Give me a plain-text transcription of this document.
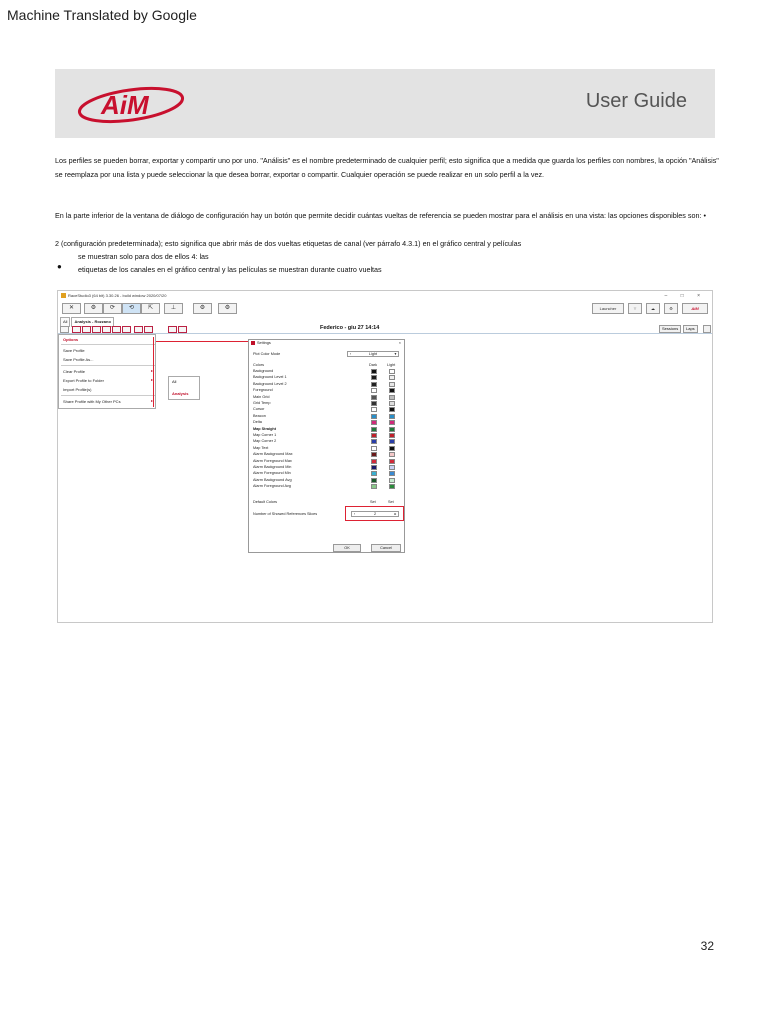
Machine Translated by Google
AiM	User Guide
Los perfiles se pueden borrar, exportar y compartir uno por uno. "Análisis" es el nombre predeterminado de cualquier perfil; esto significa que a medida que guarda los perfiles con nombres, la opción "Análisis" se reemplaza por una lista y puede seleccionar la que desea borrar, exportar o compartir. Cualquier operación se puede realizar en un solo perfil a la vez.
En la parte inferior de la ventana de diálogo de configuración hay un botón que permite decidir cuántas vueltas de referencia se pueden mostrar para el análisis en una vista: las opciones disponibles son: •
2 (configuración predeterminada); esto significa que abrir más de dos vueltas etiquetas de canal (ver párrafo 4.3.1) en el gráfico central y películas
se muestran solo para dos de ellos 4: las
● etiquetas de los canales en el gráfico central y las películas se muestran durante cuatro vueltas
RaceStudio3 (64 bit) 3.30.26 - build window 2020/07/20	– □ ×
✕	⚙	⟳	⟲	⇱	⊥	⚙	⚙	Launcher	⌔	☁	⚙	AiM
All Analysis - Rozzano
Federico - giu 27 14:14	Sessions	Laps
Options
Save Profile
Save Profile As...
Clear Profile
Export Profile to Folder
Import Profile(s)
Share Profile with My Other PCs
▸
▸
▸
All
Analysis
Settings	×
Plot Color Mode	‹	Light	▾
Colors	Dark	Light
Background
Background Level 1
Background Level 2
Foreground
Main Grid
Grid Temp
Cursor
Beacon
Delta
Map Straight
Map Corner 1
Map Corner 2
Map Text
Alarm Background Max
Alarm Foreground Max
Alarm Background Min
Alarm Foreground Min
Alarm Background Avg
Alarm Foreground Avg
Default Colors	Set	Set
Number of Showed References Slices	‹	2	▸
OK	Cancel
32
